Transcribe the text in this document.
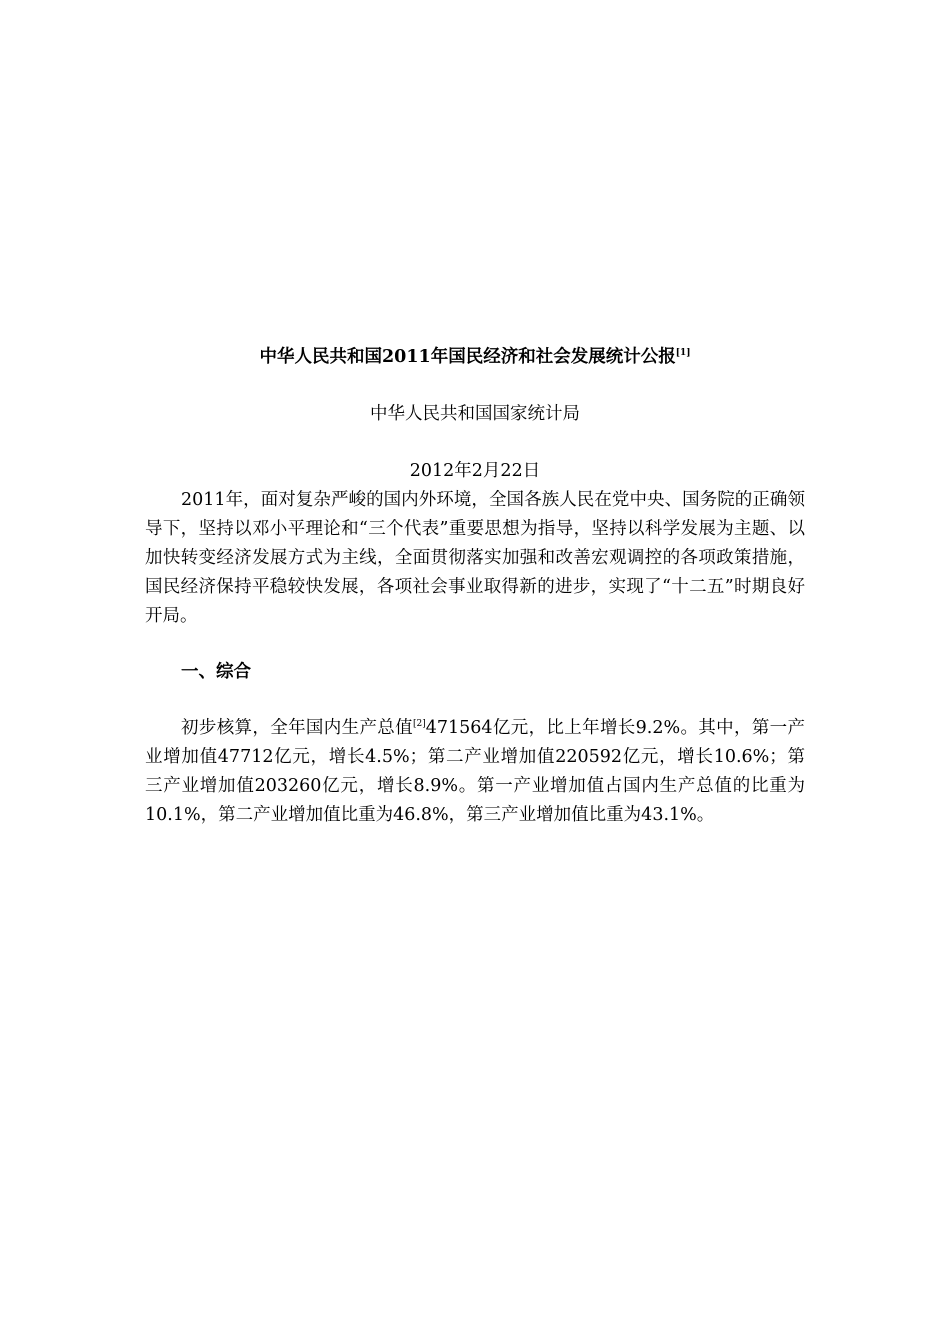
中华人民共和国2011年国民经济和社会发展统计公报[1]
中华人民共和国国家统计局
2012年2月22日

2011年，面对复杂严峻的国内外环境，全国各族人民在党中央、国务院的正确领导下，坚持以邓小平理论和“三个代表”重要思想为指导，坚持以科学发展为主题、以加快转变经济发展方式为主线，全面贯彻落实加强和改善宏观调控的各项政策措施，国民经济保持平稳较快发展，各项社会事业取得新的进步，实现了“十二五”时期良好开局。

一、综合

初步核算，全年国内生产总值[2]471564亿元，比上年增长9.2%。其中，第一产业增加值47712亿元，增长4.5%；第二产业增加值220592亿元，增长10.6%；第三产业增加值203260亿元，增长8.9%。第一产业增加值占国内生产总值的比重为10.1%，第二产业增加值比重为46.8%，第三产业增加值比重为43.1%。
